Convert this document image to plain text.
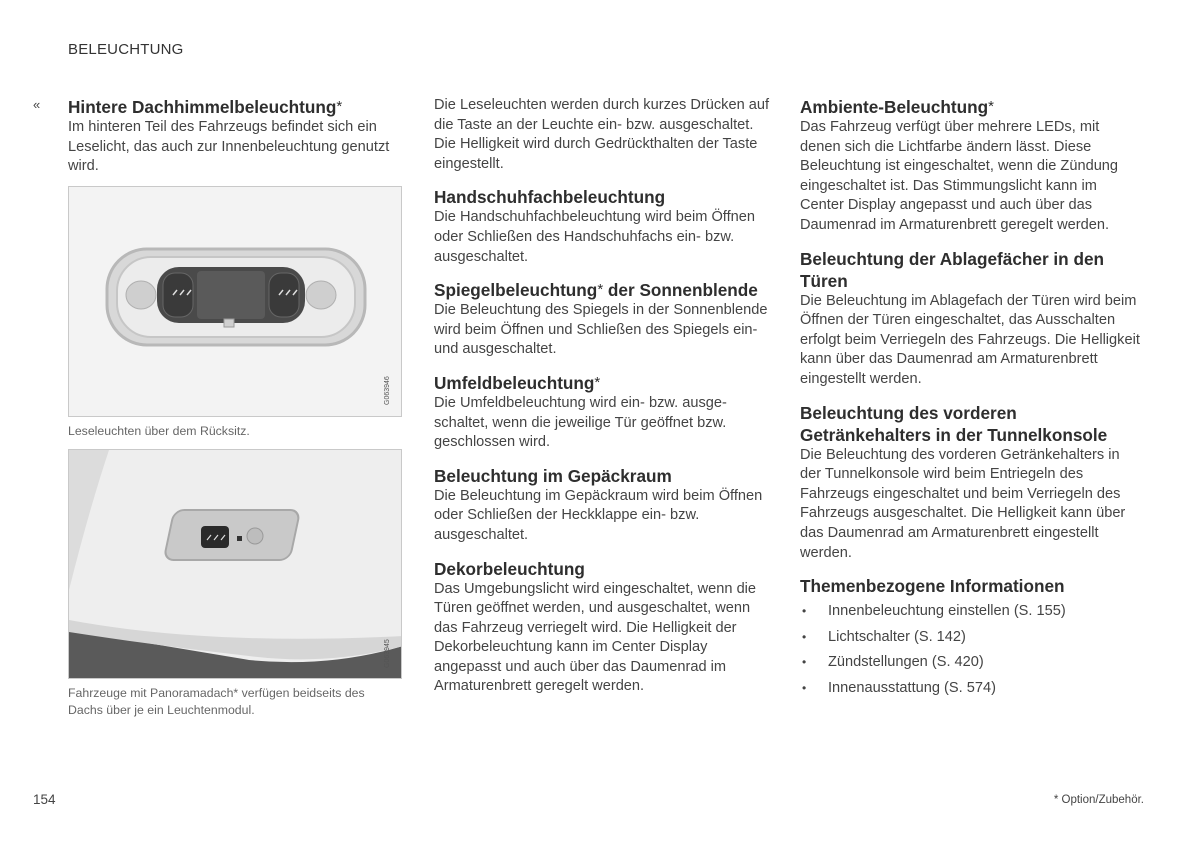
BELEUCHTUNG
« Hintere Dachhimmelbeleuchtung*

Im hinteren Teil des Fahrzeugs befindet sich ein Leselicht, das auch zur Innenbeleuchtung genutzt wird.

G063946
Leseleuchten über dem Rücksitz.
G063945
Fahrzeuge mit Panoramadach* verfügen beidseits des Dachs über je ein Leuchtenmodul.

Die Leseleuchten werden durch kurzes Drücken auf die Taste an der Leuchte ein- bzw. ausgeschaltet. Die Helligkeit wird durch Gedrückthalten der Taste eingestellt.

Handschuhfachbeleuchtung

Die Handschuhfachbeleuchtung wird beim Öffnen oder Schließen des Handschuhfachs ein- bzw. ausgeschaltet.

Spiegelbeleuchtung* der Sonnenblende

Die Beleuchtung des Spiegels in der Sonnenblende wird beim Öffnen und Schließen des Spiegels ein- und ausgeschaltet.

Umfeldbeleuchtung*

Die Umfeldbeleuchtung wird ein- bzw. ausgeschaltet, wenn die jeweilige Tür geöffnet bzw. geschlossen wird.

Beleuchtung im Gepäckraum

Die Beleuchtung im Gepäckraum wird beim Öffnen oder Schließen der Heckklappe ein- bzw. ausgeschaltet.

Dekorbeleuchtung

Das Umgebungslicht wird eingeschaltet, wenn die Türen geöffnet werden, und ausgeschaltet, wenn das Fahrzeug verriegelt wird. Die Helligkeit der Dekorbeleuchtung kann im Center Display angepasst und auch über das Daumenrad im Armaturenbrett geregelt werden.

Ambiente-Beleuchtung*

Das Fahrzeug verfügt über mehrere LEDs, mit denen sich die Lichtfarbe ändern lässt. Diese Beleuchtung ist eingeschaltet, wenn die Zündung eingeschaltet ist. Das Stimmungslicht kann im Center Display angepasst und auch über das Daumenrad im Armaturenbrett geregelt werden.

Beleuchtung der Ablagefächer in den Türen

Die Beleuchtung im Ablagefach der Türen wird beim Öffnen der Türen eingeschaltet, das Ausschalten erfolgt beim Verriegeln des Fahrzeugs. Die Helligkeit kann über das Daumenrad am Armaturenbrett eingestellt werden.

Beleuchtung des vorderen Getränkehalters in der Tunnelkonsole

Die Beleuchtung des vorderen Getränkehalters in der Tunnelkonsole wird beim Entriegeln des Fahrzeugs eingeschaltet und beim Verriegeln des Fahrzeugs ausgeschaltet. Die Helligkeit kann über das Daumenrad am Armaturenbrett eingestellt werden.

Themenbezogene Informationen
• Innenbeleuchtung einstellen (S. 155)
• Lichtschalter (S. 142)
• Zündstellungen (S. 420)
• Innenausstattung (S. 574)
154	* Option/Zubehör.
